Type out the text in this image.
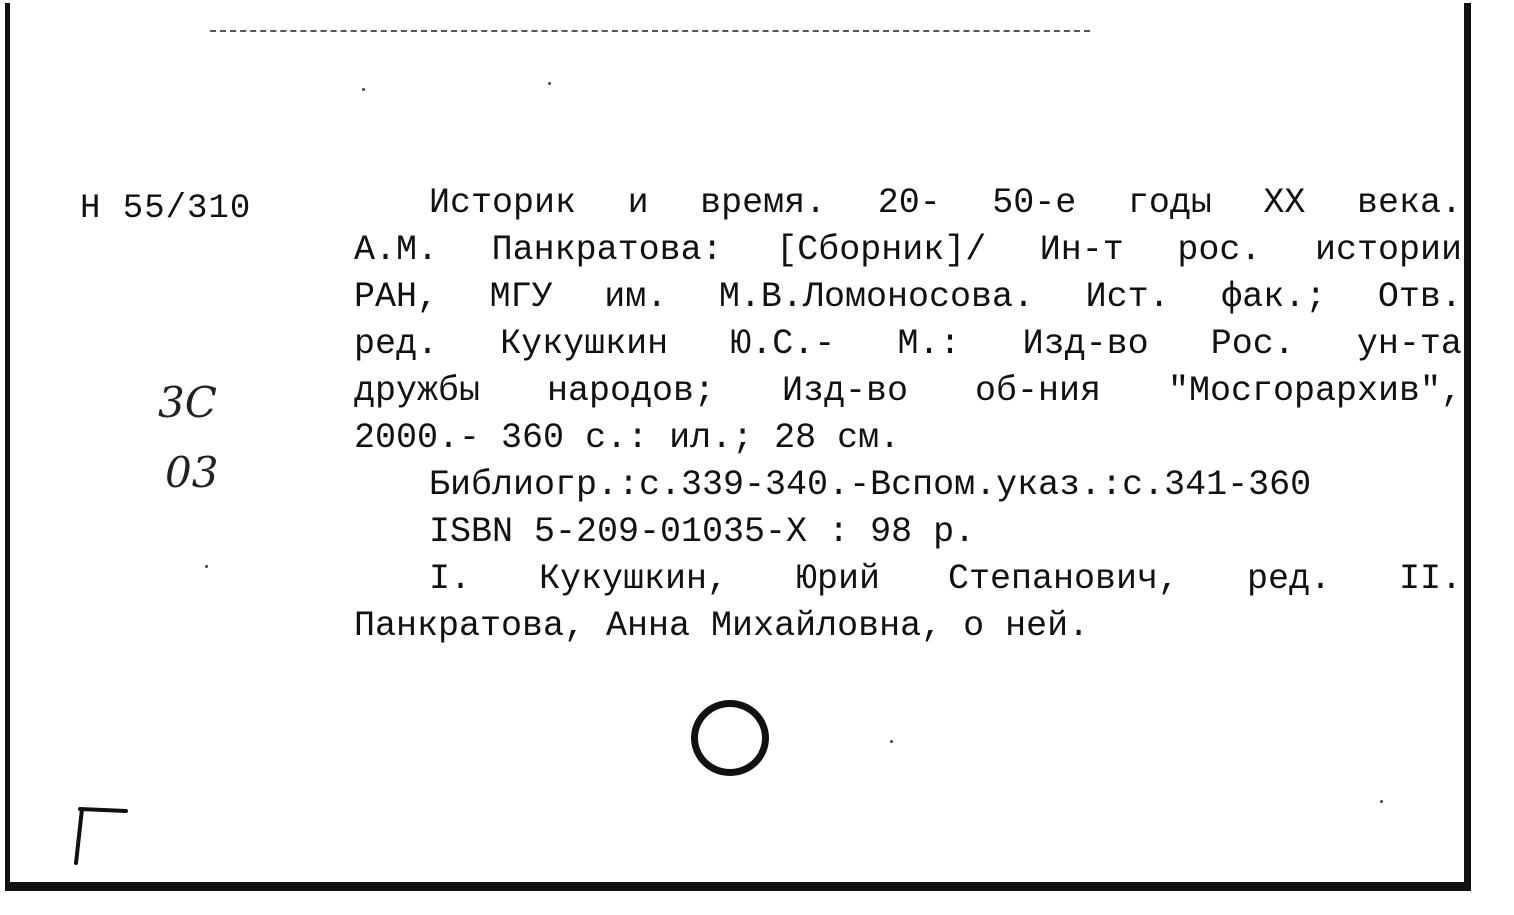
Н 55/310
3С
03
Историк и время. 20- 50-е годы XX века.
А.М. Панкратова: [Сборник]/ Ин-т рос. истории
РАН, МГУ им. М.В.Ломоносова. Ист. фак.; Отв.
ред. Кукушкин Ю.С.- М.: Изд-во Рос. ун-та
дружбы народов; Изд-во об-ния "Мосгорархив",
2000.-
360
с.:
ил.;
28
см.
Библиогр.:с.339-340.-Вспом.указ.:с.341-360
ISBN 5-209-01035-X : 98 р.
I. Кукушкин, Юрий Степанович, ред. II.
Панкратова, Анна Михайловна, о ней.
